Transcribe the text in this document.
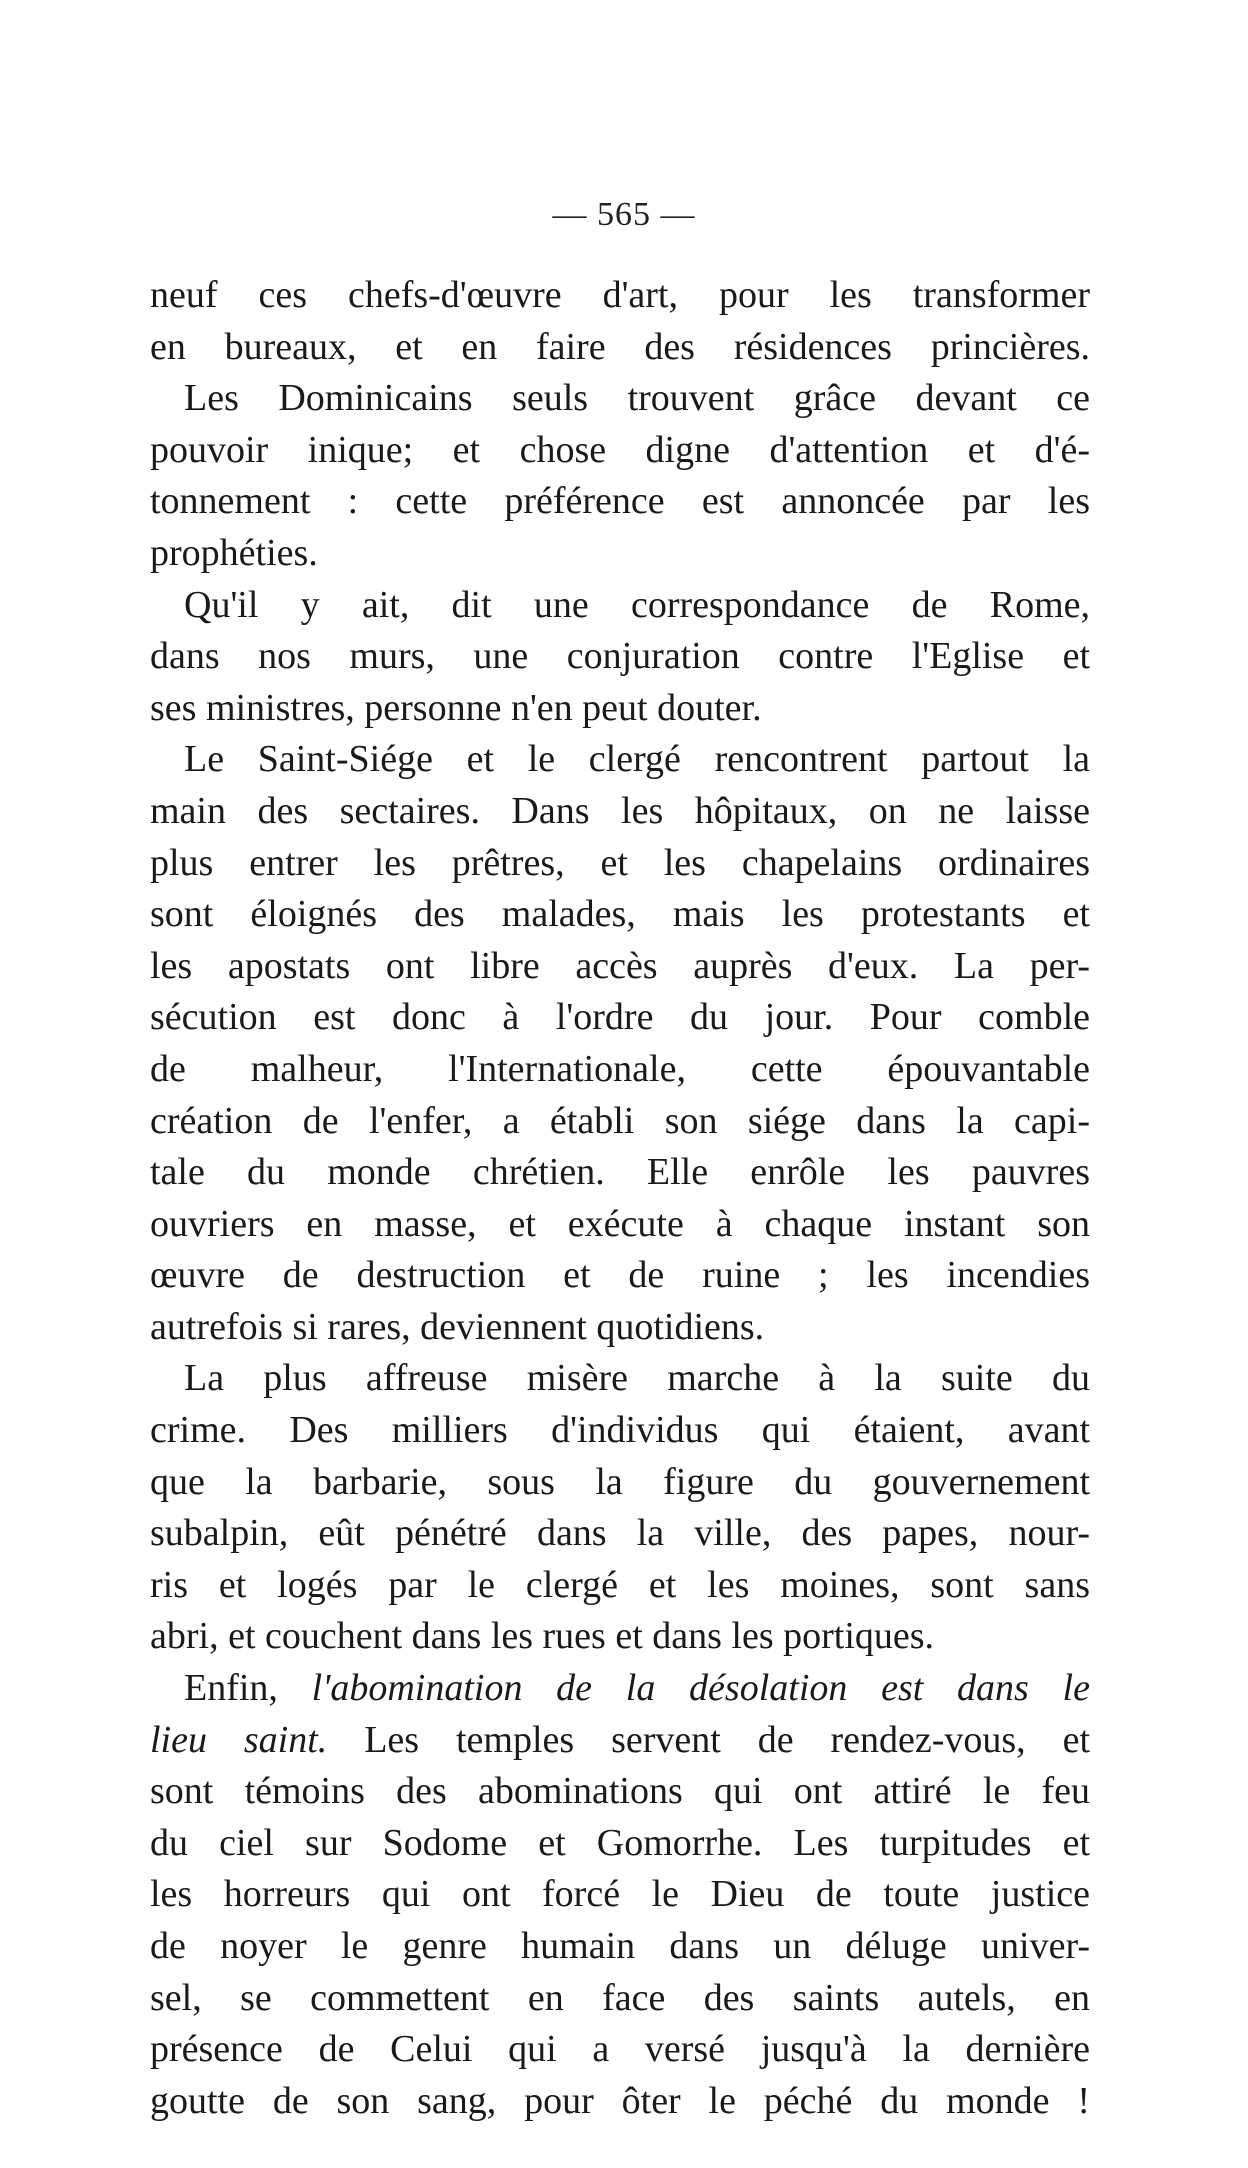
— 565 —
neuf ces chefs-d'œuvre d'art, pour les transformer
en bureaux, et en faire des résidences princières.
Les Dominicains seuls trouvent grâce devant ce
pouvoir inique; et chose digne d'attention et d'é-
tonnement : cette préférence est annoncée par les
prophéties.
Qu'il y ait, dit une correspondance de Rome,
dans nos murs, une conjuration contre l'Eglise et
ses ministres, personne n'en peut douter.
Le Saint-Siége et le clergé rencontrent partout la
main des sectaires. Dans les hôpitaux, on ne laisse
plus entrer les prêtres, et les chapelains ordinaires
sont éloignés des malades, mais les protestants et
les apostats ont libre accès auprès d'eux. La per-
sécution est donc à l'ordre du jour. Pour comble
de malheur, l'Internationale, cette épouvantable
création de l'enfer, a établi son siége dans la capi-
tale du monde chrétien. Elle enrôle les pauvres
ouvriers en masse, et exécute à chaque instant son
œuvre de destruction et de ruine ; les incendies
autrefois si rares, deviennent quotidiens.
La plus affreuse misère marche à la suite du
crime. Des milliers d'individus qui étaient, avant
que la barbarie, sous la figure du gouvernement
subalpin, eût pénétré dans la ville, des papes, nour-
ris et logés par le clergé et les moines, sont sans
abri, et couchent dans les rues et dans les portiques.
Enfin, l'abomination de la désolation est dans le
lieu saint. Les temples servent de rendez-vous, et
sont témoins des abominations qui ont attiré le feu
du ciel sur Sodome et Gomorrhe. Les turpitudes et
les horreurs qui ont forcé le Dieu de toute justice
de noyer le genre humain dans un déluge univer-
sel, se commettent en face des saints autels, en
présence de Celui qui a versé jusqu'à la dernière
goutte de son sang, pour ôter le péché du monde !
